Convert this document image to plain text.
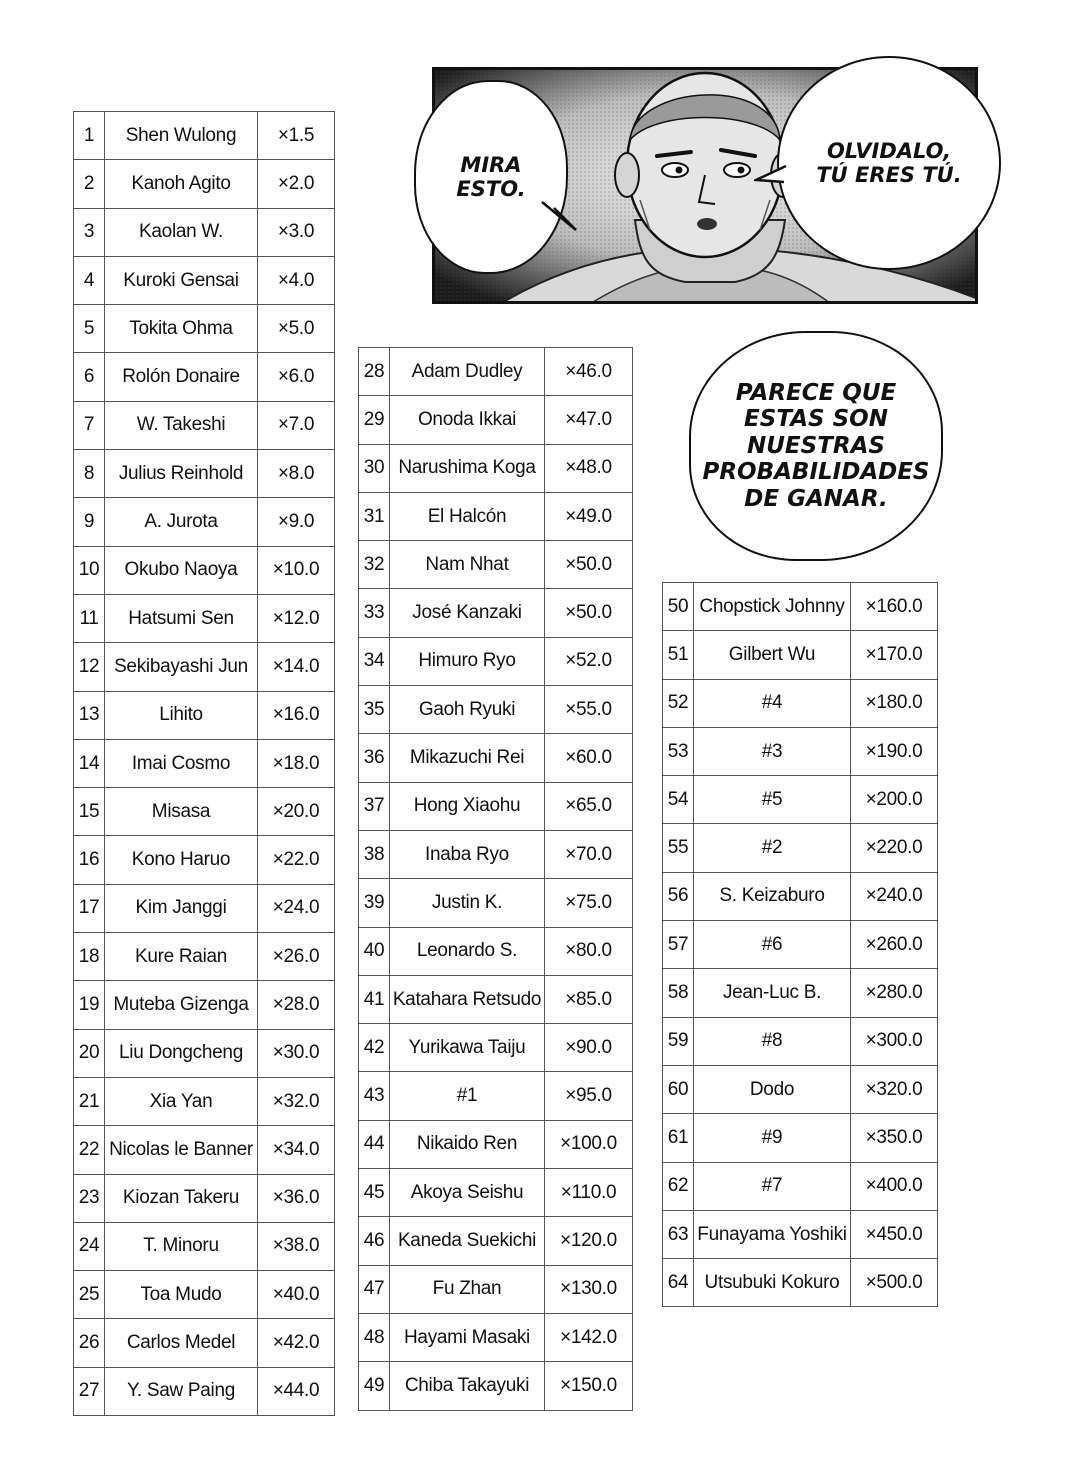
MIRA
ESTO.
OLVIDALO,
TÚ ERES TÚ.
PARECE QUE
ESTAS SON
NUESTRAS
PROBABILIDADES
DE GANAR.
1	Shen Wulong	×1.5
2	Kanoh Agito	×2.0
3	Kaolan W.	×3.0
4	Kuroki Gensai	×4.0
5	Tokita Ohma	×5.0
6	Rolón Donaire	×6.0
7	W. Takeshi	×7.0
8	Julius Reinhold	×8.0
9	A. Jurota	×9.0
10	Okubo Naoya	×10.0
11	Hatsumi Sen	×12.0
12	Sekibayashi Jun	×14.0
13	Lihito	×16.0
14	Imai Cosmo	×18.0
15	Misasa	×20.0
16	Kono Haruo	×22.0
17	Kim Janggi	×24.0
18	Kure Raian	×26.0
19	Muteba Gizenga	×28.0
20	Liu Dongcheng	×30.0
21	Xia Yan	×32.0
22	Nicolas le Banner	×34.0
23	Kiozan Takeru	×36.0
24	T. Minoru	×38.0
25	Toa Mudo	×40.0
26	Carlos Medel	×42.0
27	Y. Saw Paing	×44.0
28	Adam Dudley	×46.0
29	Onoda Ikkai	×47.0
30	Narushima Koga	×48.0
31	El Halcón	×49.0
32	Nam Nhat	×50.0
33	José Kanzaki	×50.0
34	Himuro Ryo	×52.0
35	Gaoh Ryuki	×55.0
36	Mikazuchi Rei	×60.0
37	Hong Xiaohu	×65.0
38	Inaba Ryo	×70.0
39	Justin K.	×75.0
40	Leonardo S.	×80.0
41	Katahara Retsudo	×85.0
42	Yurikawa Taiju	×90.0
43	#1	×95.0
44	Nikaido Ren	×100.0
45	Akoya Seishu	×110.0
46	Kaneda Suekichi	×120.0
47	Fu Zhan	×130.0
48	Hayami Masaki	×142.0
49	Chiba Takayuki	×150.0
50	Chopstick Johnny	×160.0
51	Gilbert Wu	×170.0
52	#4	×180.0
53	#3	×190.0
54	#5	×200.0
55	#2	×220.0
56	S. Keizaburo	×240.0
57	#6	×260.0
58	Jean-Luc B.	×280.0
59	#8	×300.0
60	Dodo	×320.0
61	#9	×350.0
62	#7	×400.0
63	Funayama Yoshiki	×450.0
64	Utsubuki Kokuro	×500.0
